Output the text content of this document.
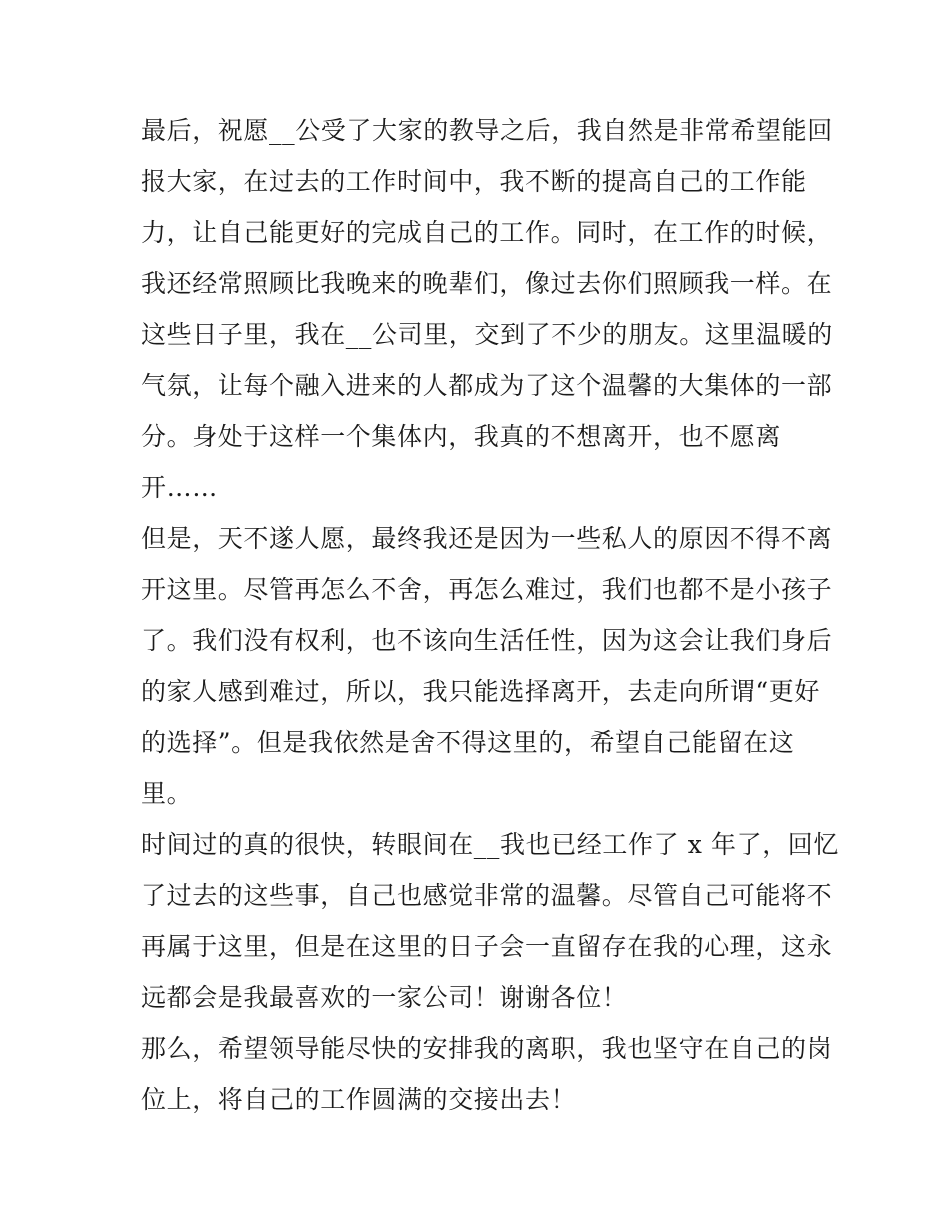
最后，祝愿__公受了大家的教导之后，我自然是非常希望能回
报大家，在过去的工作时间中，我不断的提高自己的工作能
力，让自己能更好的完成自己的工作。同时，在工作的时候，
我还经常照顾比我晚来的晚辈们，像过去你们照顾我一样。在
这些日子里，我在__公司里，交到了不少的朋友。这里温暖的
气氛，让每个融入进来的人都成为了这个温馨的大集体的一部
分。身处于这样一个集体内，我真的不想离开，也不愿离
开……
但是，天不遂人愿，最终我还是因为一些私人的原因不得不离
开这里。尽管再怎么不舍，再怎么难过，我们也都不是小孩子
了。我们没有权利，也不该向生活任性，因为这会让我们身后
的家人感到难过，所以，我只能选择离开，去走向所谓“更好
的选择”。但是我依然是舍不得这里的，希望自己能留在这
里。
时间过的真的很快，转眼间在__我也已经工作了 x 年了，回忆
了过去的这些事，自己也感觉非常的温馨。尽管自己可能将不
再属于这里，但是在这里的日子会一直留存在我的心理，这永
远都会是我最喜欢的一家公司！谢谢各位！
那么，希望领导能尽快的安排我的离职，我也坚守在自己的岗
位上，将自己的工作圆满的交接出去！
